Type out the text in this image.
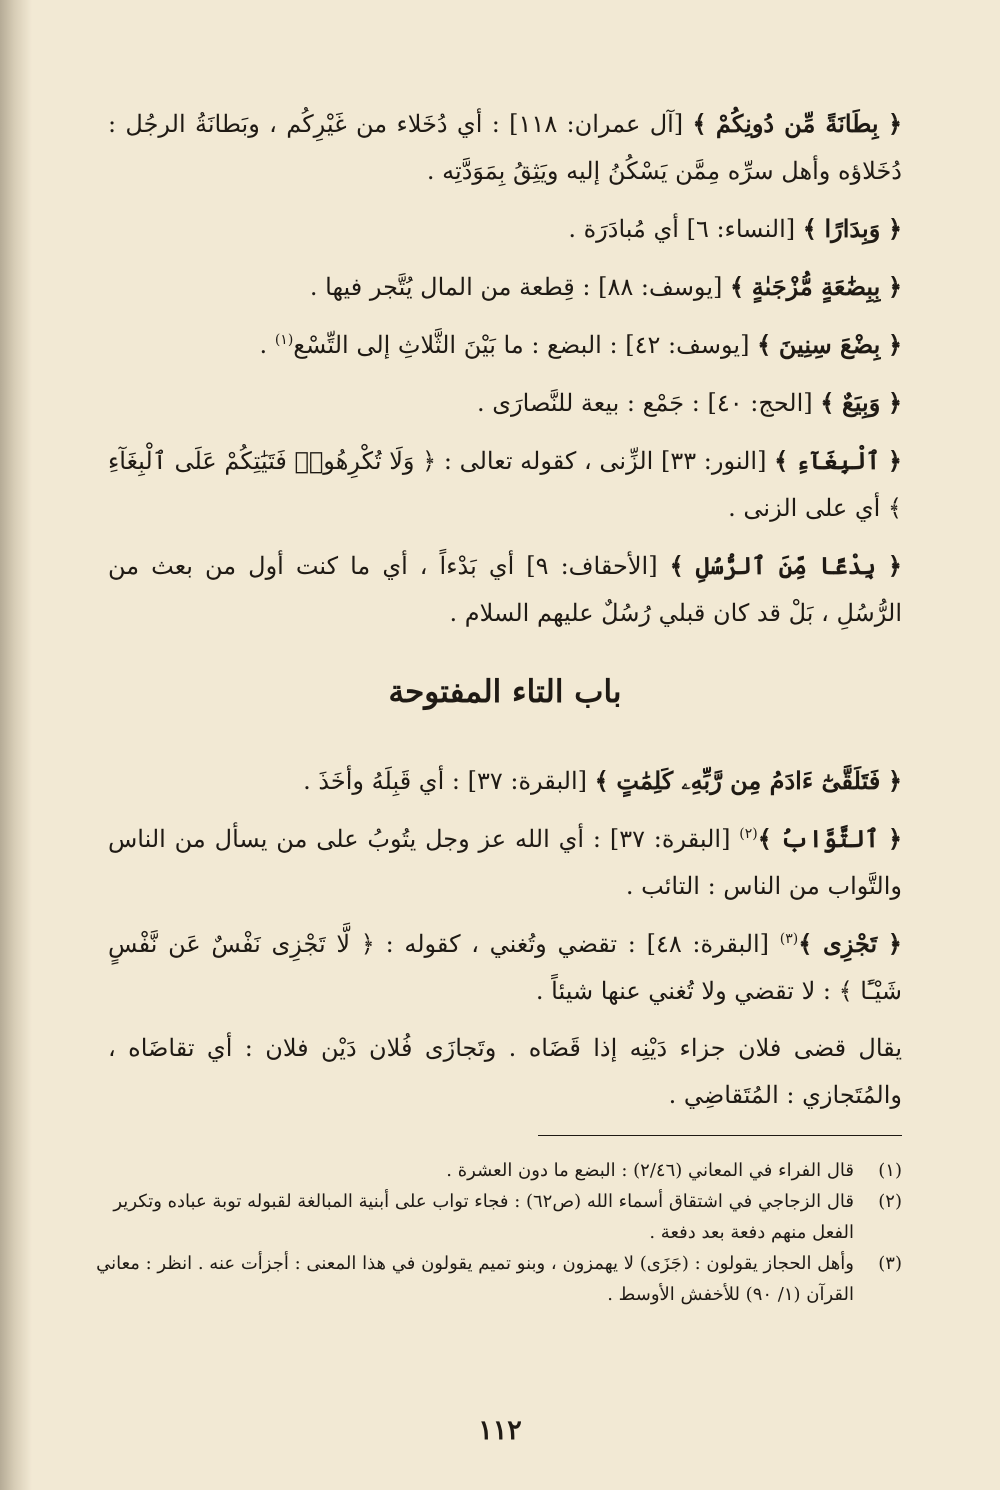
﴿ بِطَانَةً مِّن دُونِكُمْ ﴾ [آل عمران: ١١٨] : أي دُخَلاء من غَيْرِكُم ، وبَطانَةُ الرجُل : دُخَلاؤه وأهل سرِّه مِمَّن يَسْكُنُ إليه ويَثِقُ بِمَوَدَّتِه .
﴿ وَبِدَارًا ﴾ [النساء: ٦] أي مُبادَرَة .
﴿ بِبِضَٰعَةٍ مُّزْجَىٰةٍ ﴾ [يوسف: ٨٨] : قِطعة من المال يُتَّجر فيها .
﴿ بِضْعَ سِنِينَ ﴾ [يوسف: ٤٢] : البضع : ما بَيْنَ الثَّلاثِ إلى التِّسْع$^{(١)}$ .
﴿ وَبِيَعٌ ﴾ [الحج: ٤٠] : جَمْع : بيعة للنَّصارَى .
﴿ ٱلْبِغَآءِ ﴾ [النور: ٣٣] الزِّنى ، كقوله تعالى : ﴿ وَلَا تُكْرِهُوا۟ فَتَيَٰتِكُمْ عَلَى ٱلْبِغَآءِ ﴾ أي على الزنى .
﴿ بِدْعًا مِّنَ ٱلرُّسُلِ ﴾ [الأحقاف: ٩] أي بَدْءاً ، أي ما كنت أول من بعث من الرُّسُلِ ، بَلْ قد كان قبلي رُسُلٌ عليهم السلام .
باب التاء المفتوحة
﴿ فَتَلَقَّىٰٓ ءَادَمُ مِن رَّبِّهِۦ كَلِمَٰتٍ ﴾ [البقرة: ٣٧] : أي قَبِلَهُ وأخَذَ .
﴿ ٱلتَّوَّابُ ﴾$^{(٢)}$ [البقرة: ٣٧] : أي الله عز وجل يتُوبُ على من يسأل من الناس والتَّواب من الناس : التائب .
﴿ تَجْزِى ﴾$^{(٣)}$ [البقرة: ٤٨] : تقضي وتُغني ، كقوله : ﴿ لَّا تَجْزِى نَفْسٌ عَن نَّفْسٍ شَيْـًٔا ﴾ : لا تقضي ولا تُغني عنها شيئاً .
يقال قضى فلان جزاء دَيْنِه إذا قَضَاه . وتَجازَى فُلان دَيْن فلان : أي تقاضَاه ، والمُتَجازي : المُتَقاضِي .
(١)
قال الفراء في المعاني (٢/٤٦) : البضع ما دون العشرة .
(٢)
قال الزجاجي في اشتقاق أسماء الله (ص٦٢) : فجاء تواب على أبنية المبالغة لقبوله توبة عباده وتكرير الفعل منهم دفعة بعد دفعة .
(٣)
وأهل الحجاز يقولون : (جَزَى) لا يهمزون ، وبنو تميم يقولون في هذا المعنى : أجزأت عنه . انظر : معاني القرآن (١/ ٩٠) للأخفش الأوسط .
١١٢
